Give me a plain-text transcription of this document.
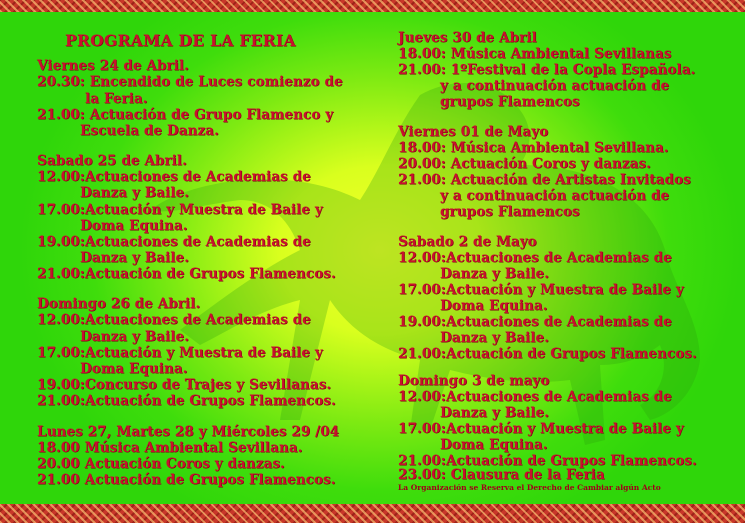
PROGRAMA DE LA FERIA
Viernes 24 de Abril.
20.30: Encendido de Luces comienzo de
la Feria.
21.00: Actuación de Grupo Flamenco y
Escuela de Danza.
Sabado 25 de Abril.
12.00:Actuaciones de Academias de
Danza y Baile.
17.00:Actuación y Muestra de Baile y
Doma Equina.
19.00:Actuaciones de Academias de
Danza y Baile.
21.00:Actuación de Grupos Flamencos.
Domingo 26 de Abril.
12.00:Actuaciones de Academias de
Danza y Baile.
17.00:Actuación y Muestra de Baile y
Doma Equina.
19.00:Concurso de Trajes y Sevillanas.
21.00:Actuación de Grupos Flamencos.
Lunes 27, Martes 28 y Miércoles 29 /04
18.00 Música Ambiental Sevillana.
20.00 Actuación Coros y danzas.
21.00 Actuación de Grupos Flamencos.
Jueves 30 de Abril
18.00: Música Ambiental Sevillanas
21.00: 1ºFestival de la Copla Española.
y a continuación actuación de
grupos Flamencos
Viernes 01 de Mayo
18.00: Música Ambiental Sevillana.
20.00: Actuación Coros y danzas.
21.00: Actuación de Artistas Invitados
y a continuación actuación de
grupos Flamencos
Sabado 2 de Mayo
12.00:Actuaciones de Academias de
Danza y Baile.
17.00:Actuación y Muestra de Baile y
Doma Equina.
19.00:Actuaciones de Academias de
Danza y Baile.
21.00:Actuación de Grupos Flamencos.
Domingo 3 de mayo
12.00:Actuaciones de Academias de
Danza y Baile.
17.00:Actuación y Muestra de Baile y
Doma Equina.
21.00:Actuación de Grupos Flamencos.
23.00: Clausura de la Feria
La Organización se Reserva el Derecho de Cambiar algún Acto
